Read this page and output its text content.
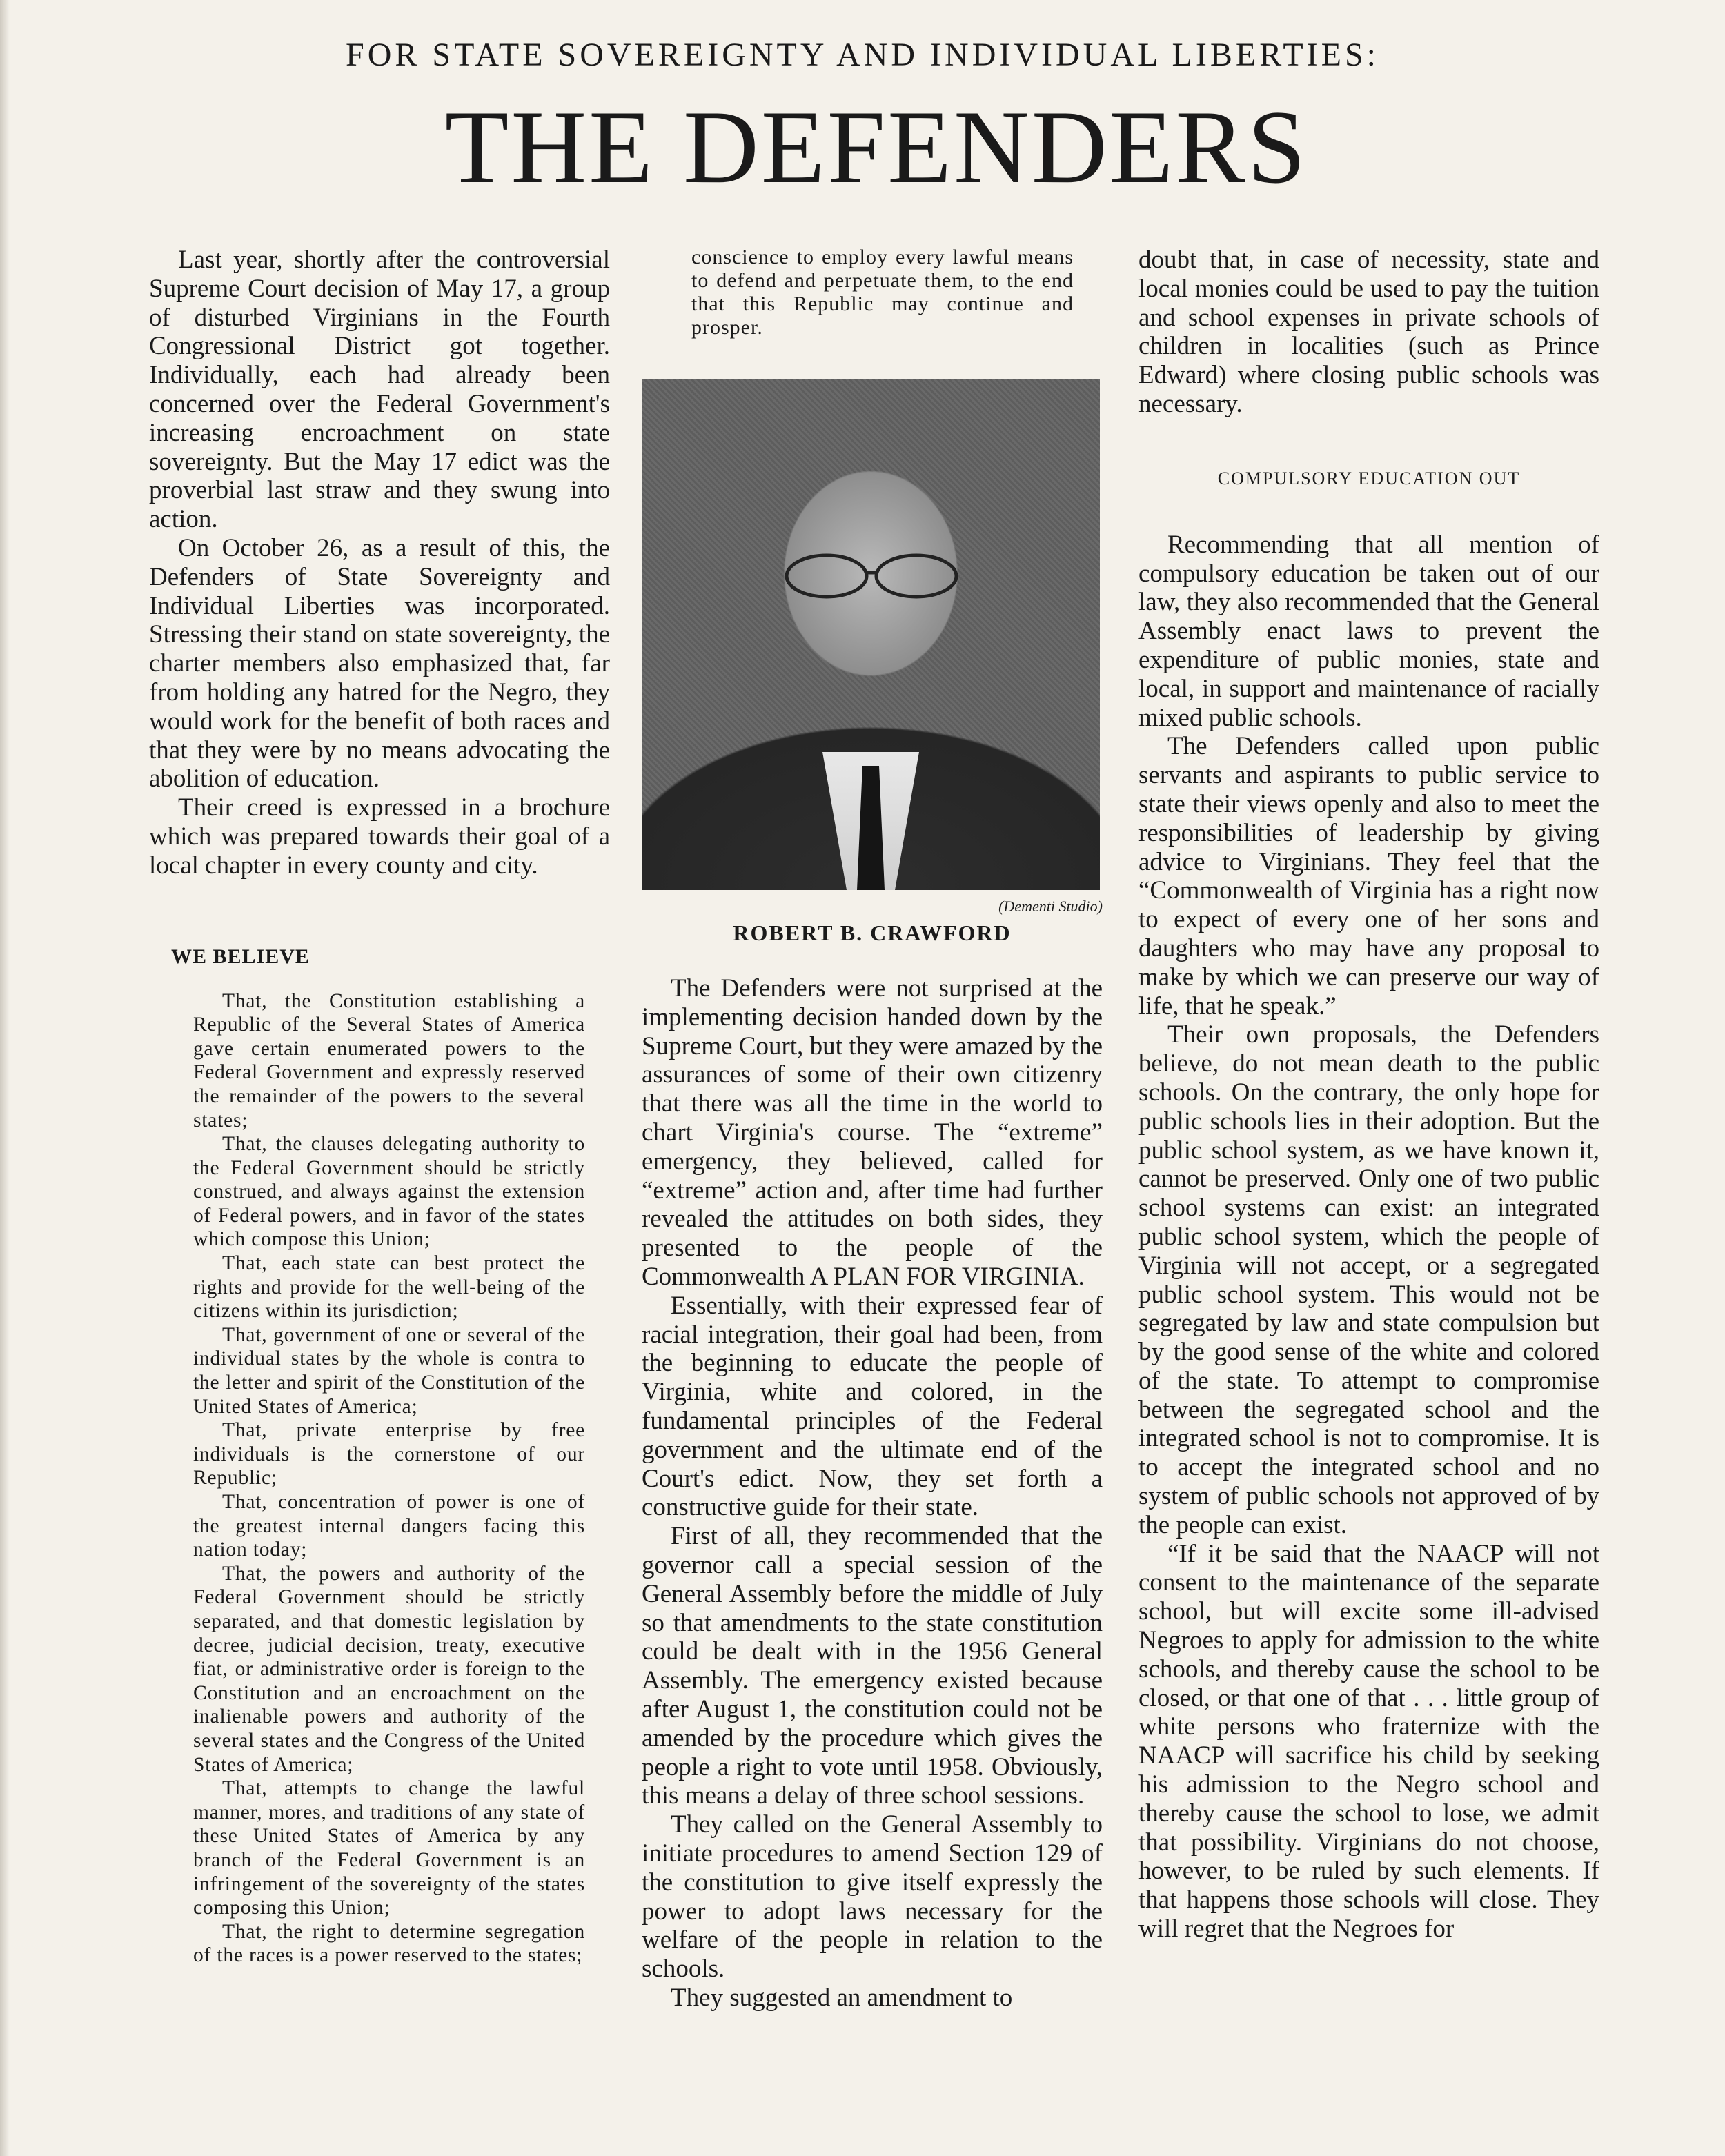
FOR STATE SOVEREIGNTY AND INDIVIDUAL LIBERTIES:
THE DEFENDERS

Last year, shortly after the controversial Supreme Court decision of May 17, a group of disturbed Virginians in the Fourth Congressional District got together. Individually, each had already been concerned over the Federal Government's increasing encroachment on state sovereignty. But the May 17 edict was the proverbial last straw and they swung into action.

On October 26, as a result of this, the Defenders of State Sovereignty and Individual Liberties was incorporated. Stressing their stand on state sovereignty, the charter members also emphasized that, far from holding any hatred for the Negro, they would work for the benefit of both races and that they were by no means advocating the abolition of education.

Their creed is expressed in a brochure which was prepared towards their goal of a local chapter in every county and city.

WE BELIEVE

That, the Constitution establishing a Republic of the Several States of America gave certain enumerated powers to the Federal Government and expressly reserved the remainder of the powers to the several states;

That, the clauses delegating authority to the Federal Government should be strictly construed, and always against the extension of Federal powers, and in favor of the states which compose this Union;

That, each state can best protect the rights and provide for the well-being of the citizens within its jurisdiction;

That, government of one or several of the individual states by the whole is contra to the letter and spirit of the Constitution of the United States of America;

That, private enterprise by free individuals is the cornerstone of our Republic;

That, concentration of power is one of the greatest internal dangers facing this nation today;

That, the powers and authority of the Federal Government should be strictly separated, and that domestic legislation by decree, judicial decision, treaty, executive fiat, or administrative order is foreign to the Constitution and an encroachment on the inalienable powers and authority of the several states and the Congress of the United States of America;

That, attempts to change the lawful manner, mores, and traditions of any state of these United States of America by any branch of the Federal Government is an infringement of the sovereignty of the states composing this Union;

That, the right to determine segregation of the races is a power reserved to the states;

conscience to employ every lawful means to defend and perpetuate them, to the end that this Republic may continue and prosper.

(Dementi Studio)
ROBERT B. CRAWFORD

The Defenders were not surprised at the implementing decision handed down by the Supreme Court, but they were amazed by the assurances of some of their own citizenry that there was all the time in the world to chart Virginia's course. The “extreme” emergency, they believed, called for “extreme” action and, after time had further revealed the attitudes on both sides, they presented to the people of the Commonwealth A PLAN FOR VIRGINIA.

Essentially, with their expressed fear of racial integration, their goal had been, from the beginning to educate the people of Virginia, white and colored, in the fundamental principles of the Federal government and the ultimate end of the Court's edict. Now, they set forth a constructive guide for their state.

First of all, they recommended that the governor call a special session of the General Assembly before the middle of July so that amendments to the state constitution could be dealt with in the 1956 General Assembly. The emergency existed because after August 1, the constitution could not be amended by the procedure which gives the people a right to vote until 1958. Obviously, this means a delay of three school sessions.

They called on the General Assembly to initiate procedures to amend Section 129 of the constitution to give itself expressly the power to adopt laws necessary for the welfare of the people in relation to the schools.

They suggested an amendment to

doubt that, in case of necessity, state and local monies could be used to pay the tuition and school expenses in private schools of children in localities (such as Prince Edward) where closing public schools was necessary.

COMPULSORY EDUCATION OUT

Recommending that all mention of compulsory education be taken out of our law, they also recommended that the General Assembly enact laws to prevent the expenditure of public monies, state and local, in support and maintenance of racially mixed public schools.

The Defenders called upon public servants and aspirants to public service to state their views openly and also to meet the responsibilities of leadership by giving advice to Virginians. They feel that the “Commonwealth of Virginia has a right now to expect of every one of her sons and daughters who may have any proposal to make by which we can preserve our way of life, that he speak.”

Their own proposals, the Defenders believe, do not mean death to the public schools. On the contrary, the only hope for public schools lies in their adoption. But the public school system, as we have known it, cannot be preserved. Only one of two public school systems can exist: an integrated public school system, which the people of Virginia will not accept, or a segregated public school system. This would not be segregated by law and state compulsion but by the good sense of the white and colored of the state. To attempt to compromise between the segregated school and the integrated school is not to compromise. It is to accept the integrated school and no system of public schools not approved of by the people can exist.

“If it be said that the NAACP will not consent to the maintenance of the separate school, but will excite some ill-advised Negroes to apply for admission to the white schools, and thereby cause the school to be closed, or that one of that . . . little group of white persons who fraternize with the NAACP will sacrifice his child by seeking his admission to the Negro school and thereby cause the school to lose, we admit that possibility. Virginians do not choose, however, to be ruled by such elements. If that happens those schools will close. They will regret that the Negroes for
